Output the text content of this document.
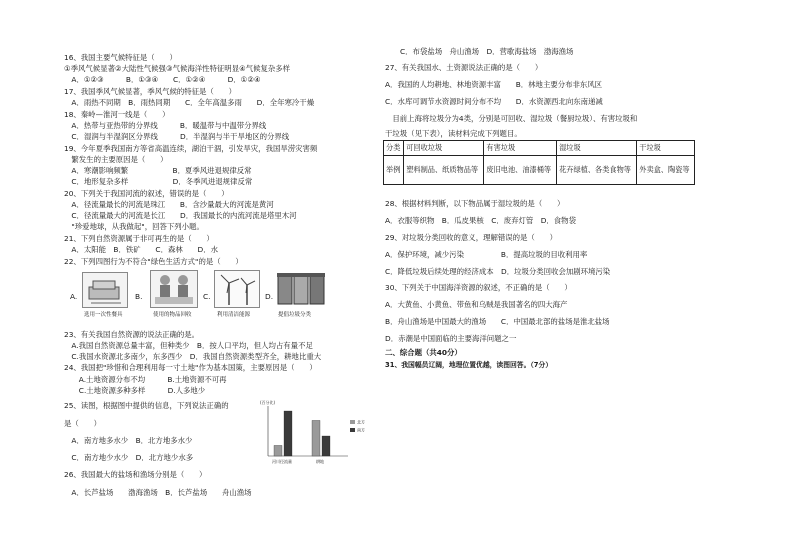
16、我国主要气候特征是（　　）
①季风气候显著②大陆性气候强③气候海洋性特征明显④气候复杂多样
　A．①②③　　　B．①③④　　C．①②④　　　D．①②④
17、我国季风气候显著，季风气候的特征是（　　）
　A．雨热不同期　B．雨热同期　　C．全年高温多雨　　D．全年寒冷干燥
18、秦岭—淮河一线是（　　）
　A．热带与亚热带的分界线　　　B．暖温带与中温带分界线
　C．湿润与半湿润区分界线　　　D．半湿润与半干旱地区的分界线
19、今年夏季我国南方等省高温连续，湖泊干涸，引发旱灾，我国旱涝灾害频
　繁发生的主要原因是（　　）
　A．寒潮影响频繁　　　　　　B．夏季风进退规律反常
　C．地形复杂多样　　　　　　D．冬季风进退规律反常
20、下列关于我国河流的叙述，错误的是（　　）
　A．径流量最长的河流是珠江　　B．含沙量最大的河流是黄河
　C．径流量最大的河流是长江　　D．我国最长的内流河流是塔里木河
　"珍爱地球，从我做起"，回答下列小题。
21、下列自然资源属于非可再生的是（　　）
　A．太阳能　B．铁矿　　C．森林　　D．水
22、下列四图行为不符合"绿色生活方式"的是（　　）
A.
选用一次性餐具
B.
使用的物品回收
C.
利用清洁能源
D.
提倡垃圾分类
23、有关我国自然资源的说法正确的是。
　A.我国自然资源总量丰富，但种类少　B．按人口平均，但人均占有量不足
　C.我国水资源北多南少，东多西少　D．我国自然资源类型齐全，耕地比重大
24、我国把"珍惜和合理利用每一寸土地"作为基本国策，主要原因是（　　）
　　A.土地资源分布不均　　　B.土地资源不可再
　　C.土地资源多种多样　　　D.人多地少
25、读图，根据图中提供的信息，下列说法正确的
是（　　）
　A．南方地多水少　B．北方地多水少
　C．南方地少水少　D．北方地少水多
26、我国最大的盐场和渔场分别是（　　）
　A．长芦盐场　　渤海渔场　B．长芦盐场　　舟山渔场
(百分比)
河川径流量	耕地
北方
南方
C．布袋盐场　舟山渔场　D．营歌海盐场　渤海渔场
27、有关我国水、土资源说法正确的是（　　）
A．我国的人均耕地、林地资源丰富　　B．林地主要分布非东风区
C．水库可调节水资源时间分布不均　　D．水资源西北向东南递减
　目前上海将垃圾分为4类，分别是可回收、湿垃圾（餐厨垃圾）、有害垃圾和
干垃圾（见下表），读材料完成下列题目。
分类	可回收垃圾	有害垃圾	湿垃圾	干垃圾
举例	塑料制品、纸质物品等	废旧电池、油漆桶等	花卉绿植、各类食物等	外卖盒、陶瓷等
28、根据材料判断，以下物品属于湿垃圾的是（　　）
A．衣服等织物　B．瓜皮果核　C．废弃灯管　D．食物袋
29、对垃圾分类回收的意义，理解错误的是（　　）
A．保护环境，减少污染　　　　　B．提高垃圾的目收利用率
C．降低垃圾后续处理的经济成本　D．垃圾分类回收会加剧环境污染
30、下列关于中国海洋资源的叙述，不正确的是（　　）
A．大黄鱼、小黄鱼、带鱼和乌贼是我国著名的四大海产
B．舟山渔场是中国最大的渔场　　C．中国最北部的盐场是淮北盐场
D．赤潮是中国面临的主要海洋问题之一
二、综合题（共40分）
31、我国幅员辽阔，地理位置优越，读图回答。（7分）
